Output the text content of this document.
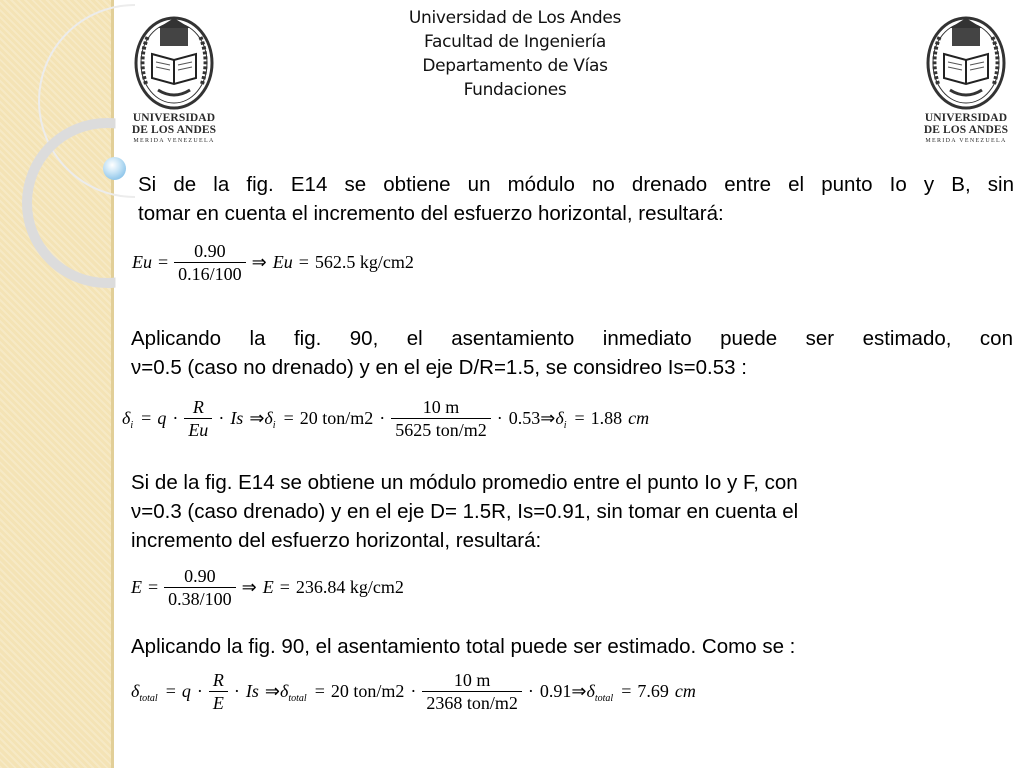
UNIVERSIDAD
DE LOS ANDES
MERIDA VENEZUELA
UNIVERSIDAD
DE LOS ANDES
MERIDA VENEZUELA
Universidad de Los Andes
Facultad de Ingeniería
Departamento de Vías
Fundaciones
Si de la fig. E14 se obtiene un módulo no drenado entre el punto Io y B, sin
tomar en cuenta el incremento del esfuerzo horizontal, resultará:
$Eu = \frac{0.90}{0.16/100}$ ⇒ Eu = 562.5 kg/cm2
Aplicando la fig. 90, el asentamiento inmediato puede ser estimado, con
ν=0.5 (caso no drenado) y en el eje D/R=1.5, se considreo Is=0.53 :
δ $i = q \cdot \frac{R}{Eu} \cdot Is$ ⇒ δ i = 20 $ton/m2 \cdot \frac{10 m}{\text{5625 ton/m2}} \cdot 0.53$ ⇒ δ i = 1.88 cm
Si de la fig. E14 se obtiene un módulo promedio entre el punto Io y F, con
ν=0.3 (caso drenado) y en el eje D= 1.5R, Is=0.91, sin tomar en cuenta el
incremento del esfuerzo horizontal, resultará:
$E = \frac{0.90}{0.38/100}$ ⇒ E = 236.84 kg/cm2
Aplicando la fig. 90, el asentamiento total puede ser estimado. Como se :
δ total = $q \cdot \frac{R}{E} \cdot Is$ ⇒ δ total = 20 $ton/m2 \cdot \frac{10 m}{\text{2368 ton/m2}} \cdot 0.91$ ⇒ δ total = 7.69 cm
